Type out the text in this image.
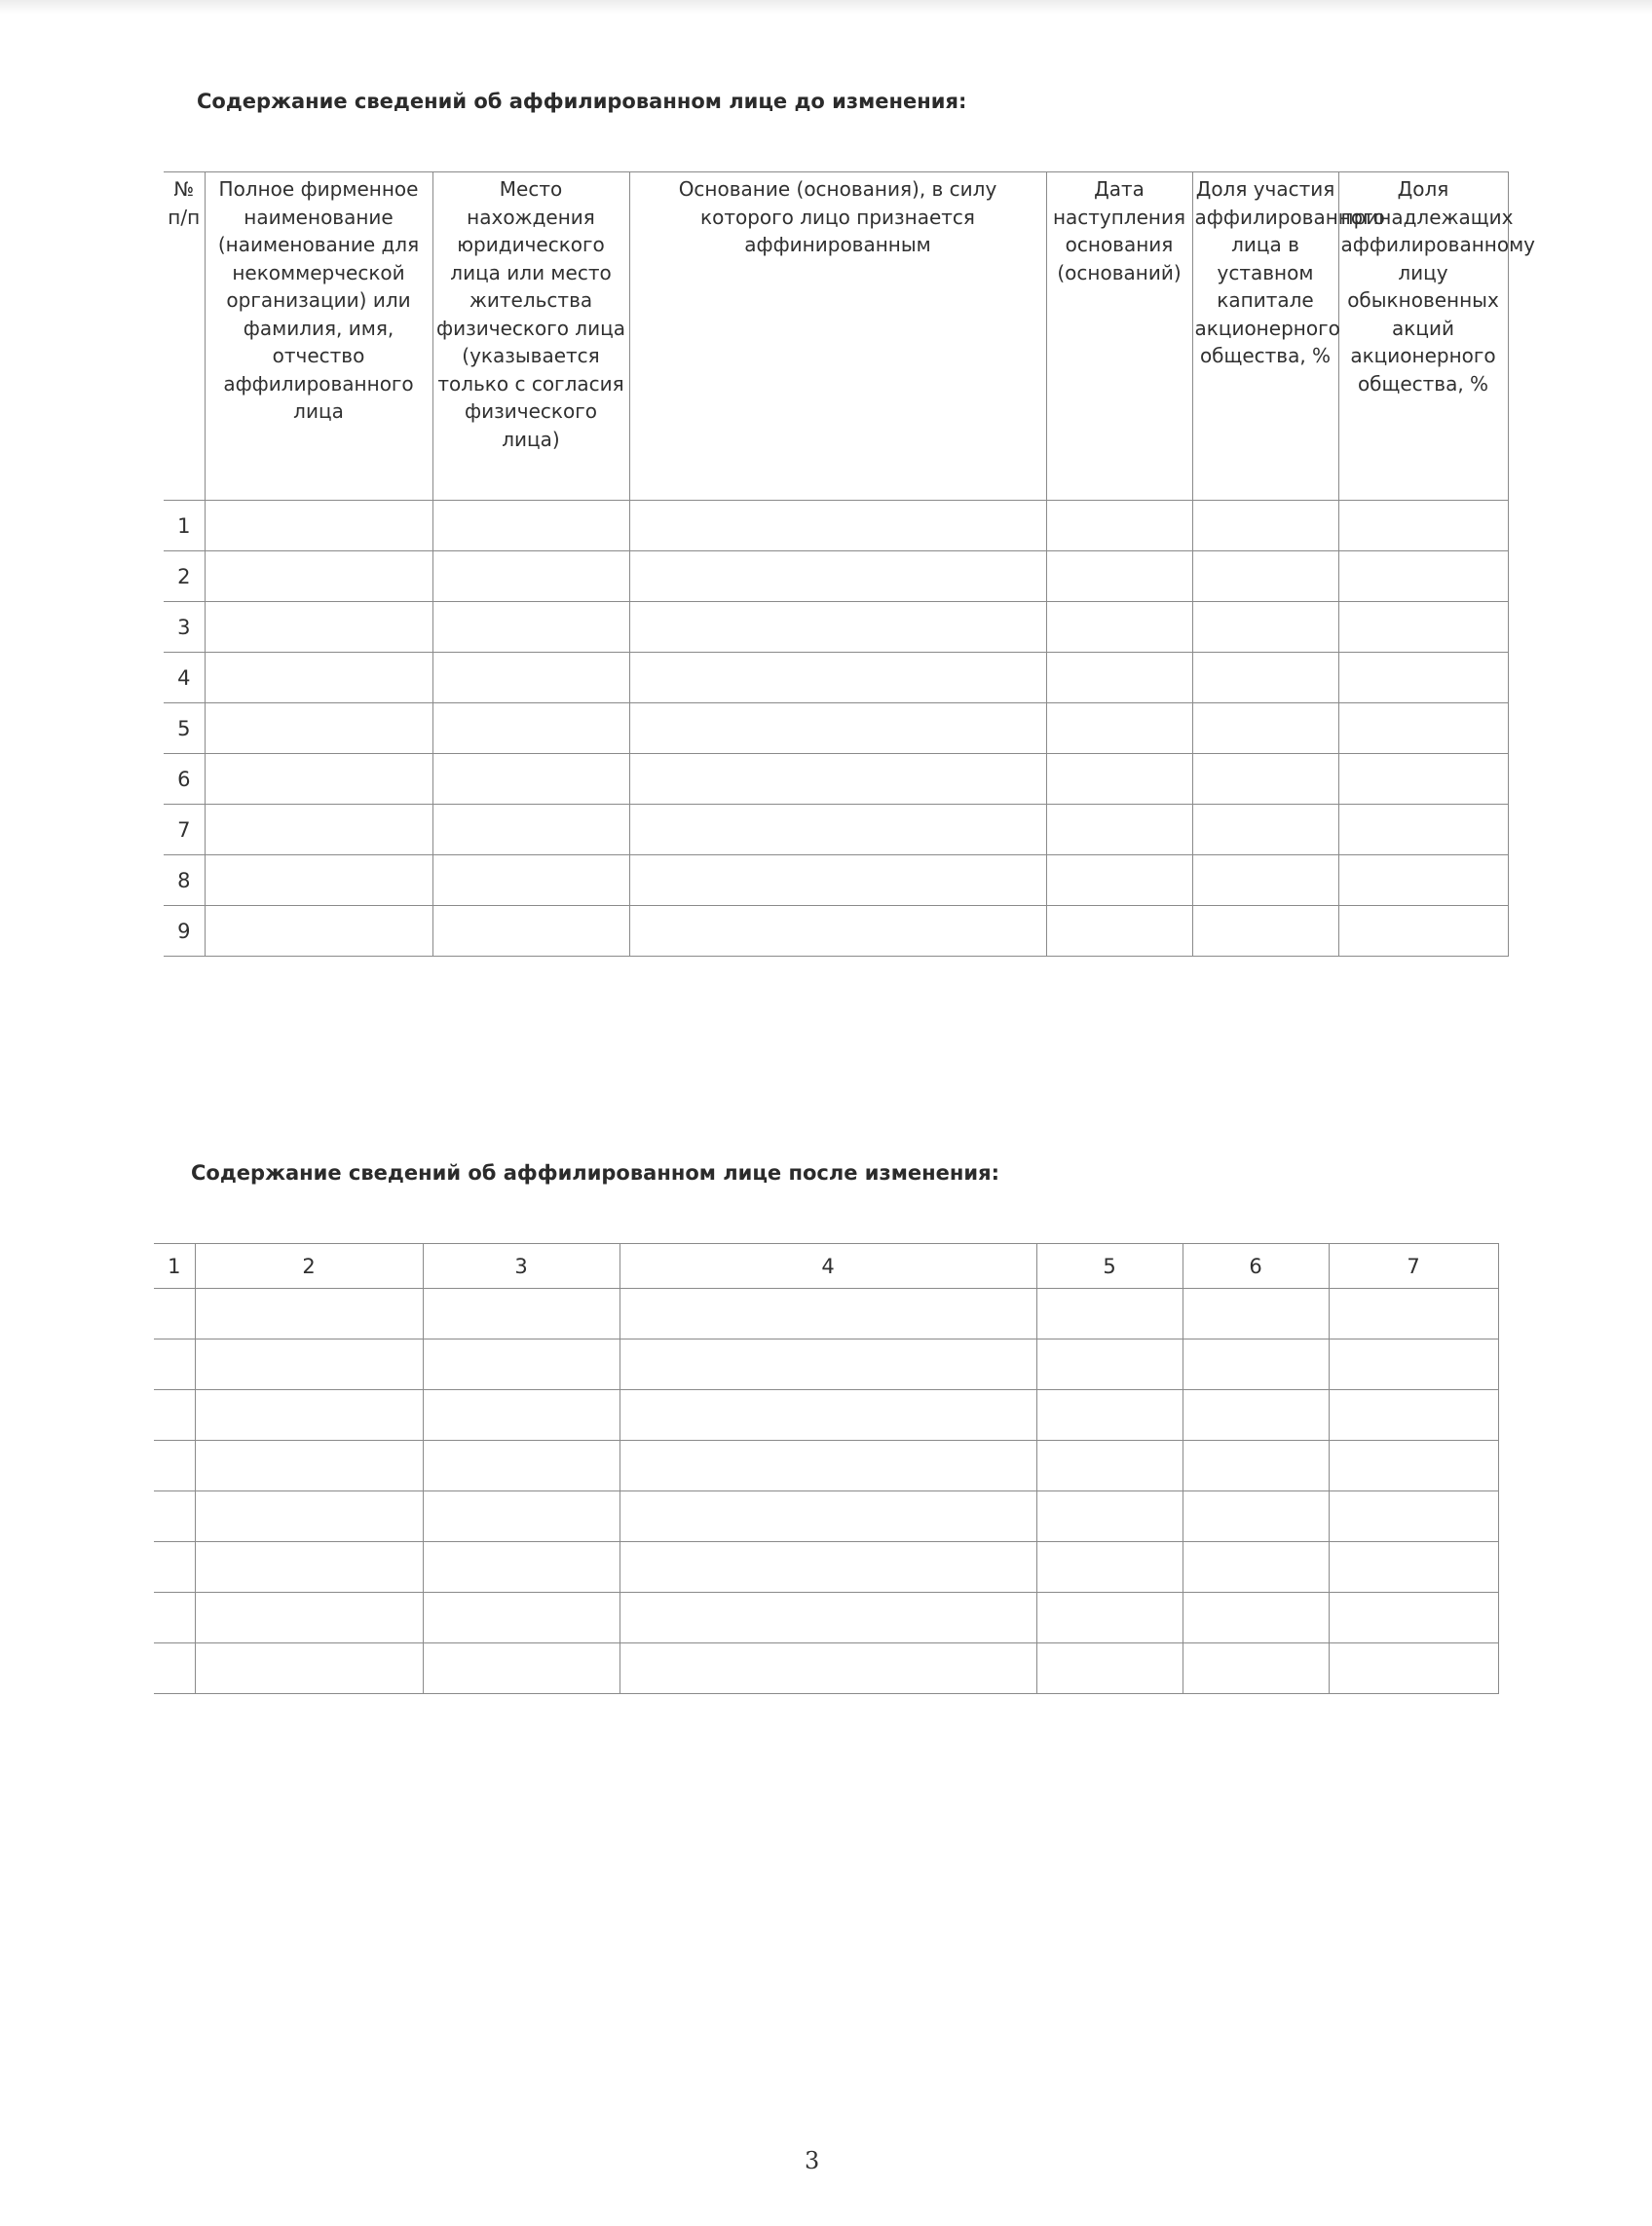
Содержание сведений об аффилированном лице до изменения:
№ п/п	Полное фирменное наименование (наименование для некоммерческой организации) или фамилия, имя, отчество аффилированного лица	Место нахождения юридического лица или место жительства физического лица (указывается только с согласия физического лица)	Основание (основания), в силу которого лицо признается аффинированным	Дата наступления основания (оснований)	Доля участия аффилированного лица в уставном капитале акционерного общества, %	Доля принадлежащих аффилированному лицу обыкновенных акций акционерного общества, %
1						
2						
3						
4						
5						
6						
7						
8						
9						
Содержание сведений об аффилированном лице после изменения:
1	2	3	4	5	6	7

3
